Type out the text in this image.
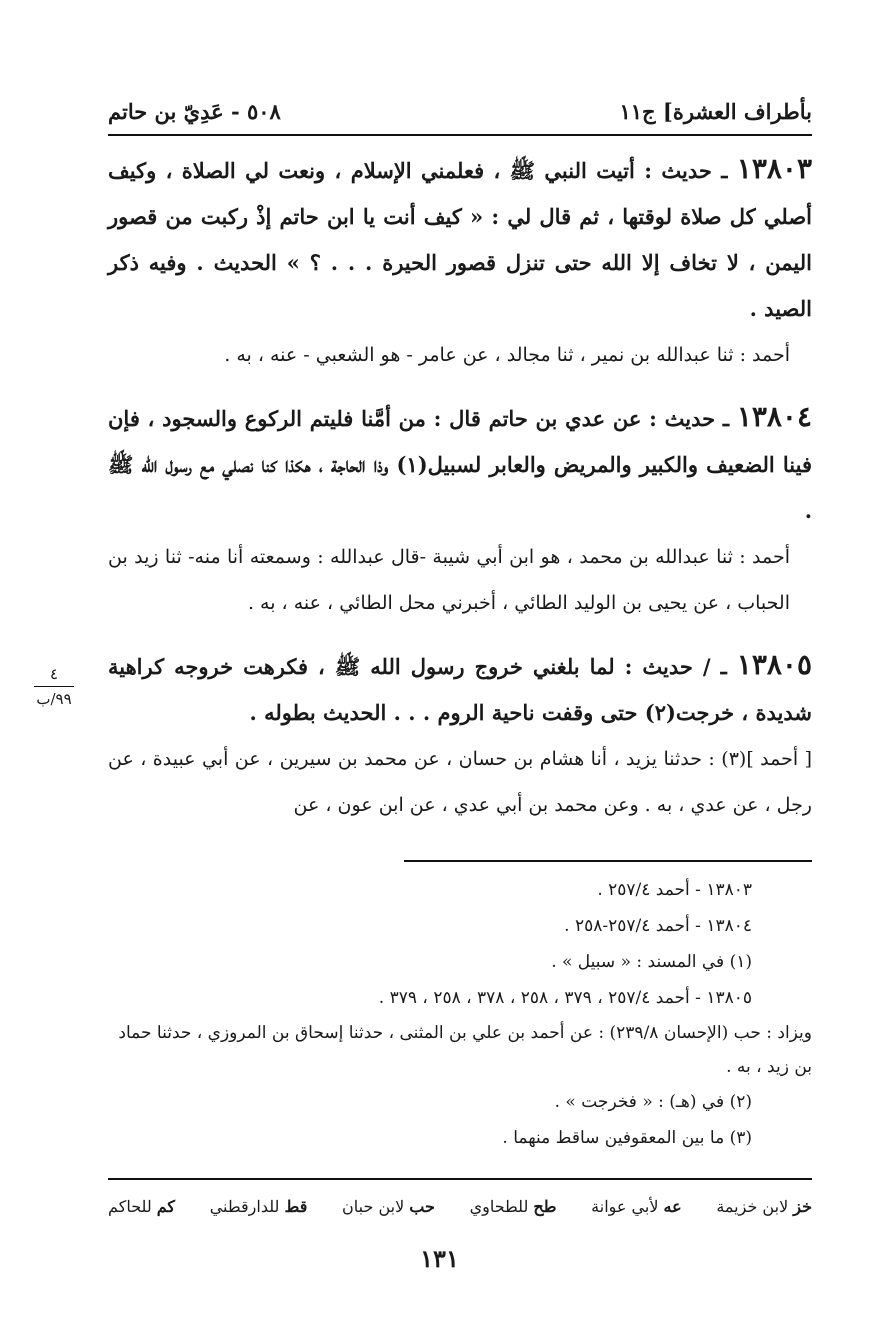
بأطراف العشرة] ج١١
٥٠٨ - عَدِيّ بن حاتم

١٣٨٠٣ ـ حديث : أتيت النبي ﷺ ، فعلمني الإسلام ، ونعت لي الصلاة ، وكيف أصلي كل صلاة لوقتها ، ثم قال لي : « كيف أنت يا ابن حاتم إذْ ركبت من قصور اليمن ، لا تخاف إلا الله حتى تنزل قصور الحيرة . . . ؟ » الحديث . وفيه ذكر الصيد .

أحمد : ثنا عبدالله بن نمير ، ثنا مجالد ، عن عامر - هو الشعبي - عنه ، به .

١٣٨٠٤ ـ حديث : عن عدي بن حاتم قال : من أمَّنا فليتم الركوع والسجود ، فإن فينا الضعيف والكبير والمريض والعابر لسبيل(١) وذا الحاجة ، هكذا كنا نصلي مع رسول الله ﷺ .

أحمد : ثنا عبدالله بن محمد ، هو ابن أبي شيبة -قال عبدالله : وسمعته أنا منه- ثنا زيد بن الحباب ، عن يحيى بن الوليد الطائي ، أخبرني محل الطائي ، عنه ، به .

١٣٨٠٥ ـ / حديث : لما بلغني خروج رسول الله ﷺ ، فكرهت خروجه كراهية شديدة ، خرجت(٢) حتى وقفت ناحية الروم . . . الحديث بطوله .

[ أحمد ](٣) : حدثنا يزيد ، أنا هشام بن حسان ، عن محمد بن سيرين ، عن أبي عبيدة ، عن رجل ، عن عدي ، به . وعن محمد بن أبي عدي ، عن ابن عون ، عن

٤
٩٩/ب

١٣٨٠٣ - أحمد ٢٥٧/٤ .

١٣٨٠٤ - أحمد ٢٥٧/٤-٢٥٨ .

(١) في المسند : « سبيل » .

١٣٨٠٥ - أحمد ٢٥٧/٤ ، ٣٧٩ ، ٢٥٨ ، ٣٧٨ ، ٢٥٨ ، ٣٧٩ .

ويزاد : حب (الإحسان ٢٣٩/٨) : عن أحمد بن علي بن المثنى ، حدثنا إسحاق بن المروزي ، حدثنا حماد بن زيد ، به .

(٢) في (هـ) : « فخرجت » .

(٣) ما بين المعقوفين ساقط منهما .

خز لابن خزيمة
عه لأبي عوانة
طح للطحاوي
حب لابن حبان
قط للدارقطني
كم للحاكم
١٣١
